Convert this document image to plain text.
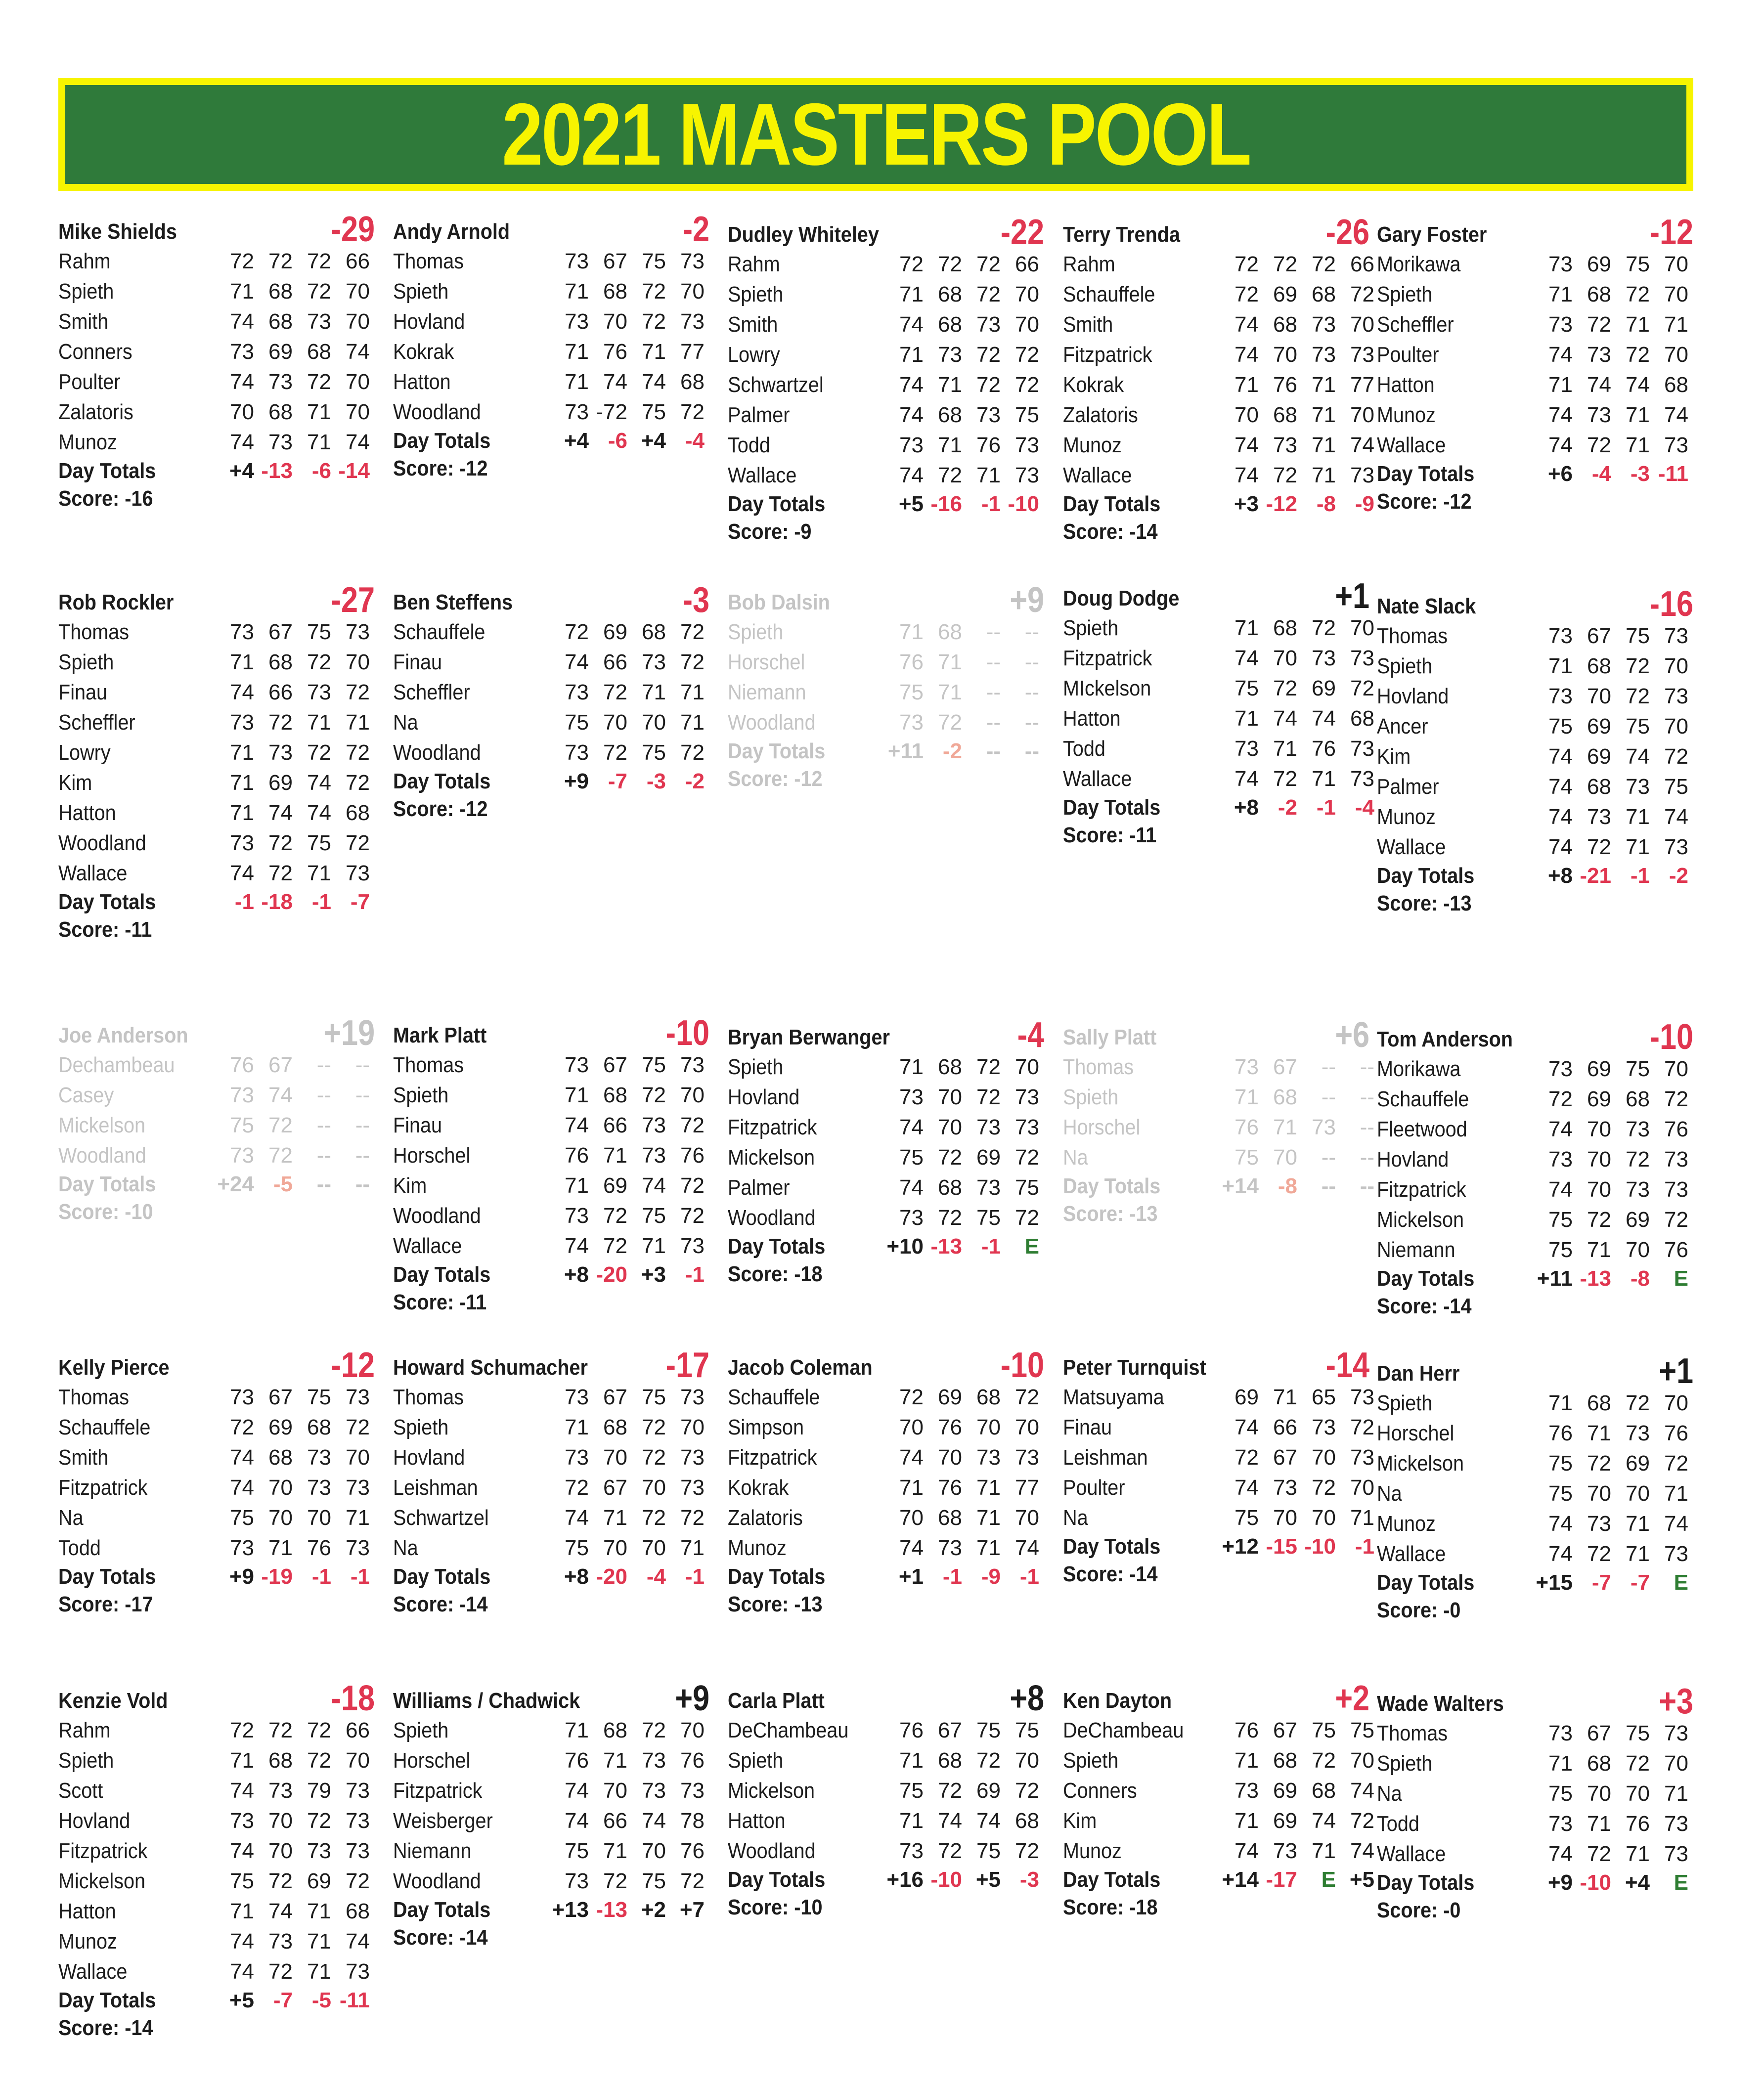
2021 MASTERS POOL
Mike Shields	-29
Rahm	72 72 72 66
Spieth	71 68 72 70
Smith	74 68 73 70
Conners	73 69 68 74
Poulter	74 73 72 70
Zalatoris	70 68 71 70
Munoz	74 73 71 74
Day Totals	+4 -13 -6 -14
Score: -16
Andy Arnold	-2
Thomas	73 67 75 73
Spieth	71 68 72 70
Hovland	73 70 72 73
Kokrak	71 76 71 77
Hatton	71 74 74 68
Woodland	73 -72 75 72
Day Totals	+4 -6 +4 -4
Score: -12
Dudley Whiteley	-22
Rahm	72 72 72 66
Spieth	71 68 72 70
Smith	74 68 73 70
Lowry	71 73 72 72
Schwartzel	74 71 72 72
Palmer	74 68 73 75
Todd	73 71 76 73
Wallace	74 72 71 73
Day Totals	+5 -16 -1 -10
Score: -9
Terry Trenda	-26
Rahm	72 72 72 66
Schauffele	72 69 68 72
Smith	74 68 73 70
Fitzpatrick	74 70 73 73
Kokrak	71 76 71 77
Zalatoris	70 68 71 70
Munoz	74 73 71 74
Wallace	74 72 71 73
Day Totals	+3 -12 -8 -9
Score: -14
Gary Foster	-12
Morikawa	73 69 75 70
Spieth	71 68 72 70
Scheffler	73 72 71 71
Poulter	74 73 72 70
Hatton	71 74 74 68
Munoz	74 73 71 74
Wallace	74 72 71 73
Day Totals	+6 -4 -3 -11
Score: -12
Rob Rockler	-27
Thomas	73 67 75 73
Spieth	71 68 72 70
Finau	74 66 73 72
Scheffler	73 72 71 71
Lowry	71 73 72 72
Kim	71 69 74 72
Hatton	71 74 74 68
Woodland	73 72 75 72
Wallace	74 72 71 73
Day Totals	-1 -18 -1 -7
Score: -11
Ben Steffens	-3
Schauffele	72 69 68 72
Finau	74 66 73 72
Scheffler	73 72 71 71
Na	75 70 70 71
Woodland	73 72 75 72
Day Totals	+9 -7 -3 -2
Score: -12
Bob Dalsin	+9
Spieth	71 68	--	--
Horschel	76 71	--	--
Niemann	75 71	--	--
Woodland	73 72	--	--
Day Totals	+11 -2	--	--
Score: -12
Doug Dodge	+1
Spieth	71 68 72 70
Fitzpatrick	74 70 73 73
MIckelson	75 72 69 72
Hatton	71 74 74 68
Todd	73 71 76 73
Wallace	74 72 71 73
Day Totals	+8 -2 -1 -4
Score: -11
Nate Slack	-16
Thomas	73 67 75 73
Spieth	71 68 72 70
Hovland	73 70 72 73
Ancer	75 69 75 70
Kim	74 69 74 72
Palmer	74 68 73 75
Munoz	74 73 71 74
Wallace	74 72 71 73
Day Totals	+8 -21 -1 -2
Score: -13
Joe Anderson	+19
Dechambeau	76 67	--	--
Casey	73 74	--	--
Mickelson	75 72	--	--
Woodland	73 72	--	--
Day Totals	+24 -5	--	--
Score: -10
Mark Platt	-10
Thomas	73 67 75 73
Spieth	71 68 72 70
Finau	74 66 73 72
Horschel	76 71 73 76
Kim	71 69 74 72
Woodland	73 72 75 72
Wallace	74 72 71 73
Day Totals	+8 -20 +3 -1
Score: -11
Bryan Berwanger	-4
Spieth	71 68 72 70
Hovland	73 70 72 73
Fitzpatrick	74 70 73 73
Mickelson	75 72 69 72
Palmer	74 68 73 75
Woodland	73 72 75 72
Day Totals	+10 -13 -1	E
Score: -18
Sally Platt	+6
Thomas	73 67	--	--
Spieth	71 68	--	--
Horschel	76 71 73	--
Na	75 70	--	--
Day Totals	+14 -8	--	--
Score: -13
Tom Anderson	-10
Morikawa	73 69 75 70
Schauffele	72 69 68 72
Fleetwood	74 70 73 76
Hovland	73 70 72 73
Fitzpatrick	74 70 73 73
Mickelson	75 72 69 72
Niemann	75 71 70 76
Day Totals	+11 -13 -8	E
Score: -14
Kelly Pierce	-12
Thomas	73 67 75 73
Schauffele	72 69 68 72
Smith	74 68 73 70
Fitzpatrick	74 70 73 73
Na	75 70 70 71
Todd	73 71 76 73
Day Totals	+9 -19 -1 -1
Score: -17
Howard Schumacher -17
Thomas	73 67 75 73
Spieth	71 68 72 70
Hovland	73 70 72 73
Leishman	72 67 70 73
Schwartzel	74 71 72 72
Na	75 70 70 71
Day Totals	+8 -20 -4 -1
Score: -14
Jacob Coleman	-10
Schauffele	72 69 68 72
Simpson	70 76 70 70
Fitzpatrick	74 70 73 73
Kokrak	71 76 71 77
Zalatoris	70 68 71 70
Munoz	74 73 71 74
Day Totals	+1 -1 -9 -1
Score: -13
Peter Turnquist	-14
Matsuyama	69 71 65 73
Finau	74 66 73 72
Leishman	72 67 70 73
Poulter	74 73 72 70
Na	75 70 70 71
Day Totals	+12 -15 -10 -1
Score: -14
Dan Herr	+1
Spieth	71 68 72 70
Horschel	76 71 73 76
Mickelson	75 72 69 72
Na	75 70 70 71
Munoz	74 73 71 74
Wallace	74 72 71 73
Day Totals	+15 -7 -7	E
Score: -0
Kenzie Vold	-18
Rahm	72 72 72 66
Spieth	71 68 72 70
Scott	74 73 79 73
Hovland	73 70 72 73
Fitzpatrick	74 70 73 73
Mickelson	75 72 69 72
Hatton	71 74 71 68
Munoz	74 73 71 74
Wallace	74 72 71 73
Day Totals	+5 -7 -5 -11
Score: -14
Williams / Chadwick	+9
Spieth	71 68 72 70
Horschel	76 71 73 76
Fitzpatrick	74 70 73 73
Weisberger	74 66 74 78
Niemann	75 71 70 76
Woodland	73 72 75 72
Day Totals	+13 -13 +2 +7
Score: -14
Carla Platt	+8
DeChambeau	76 67 75 75
Spieth	71 68 72 70
Mickelson	75 72 69 72
Hatton	71 74 74 68
Woodland	73 72 75 72
Day Totals	+16 -10 +5 -3
Score: -10
Ken Dayton	+2
DeChambeau	76 67 75 75
Spieth	71 68 72 70
Conners	73 69 68 74
Kim	71 69 74 72
Munoz	74 73 71 74
Day Totals	+14 -17	E +5
Score: -18
Wade Walters	+3
Thomas	73 67 75 73
Spieth	71 68 72 70
Na	75 70 70 71
Todd	73 71 76 73
Wallace	74 72 71 73
Day Totals	+9 -10 +4	E
Score: -0
